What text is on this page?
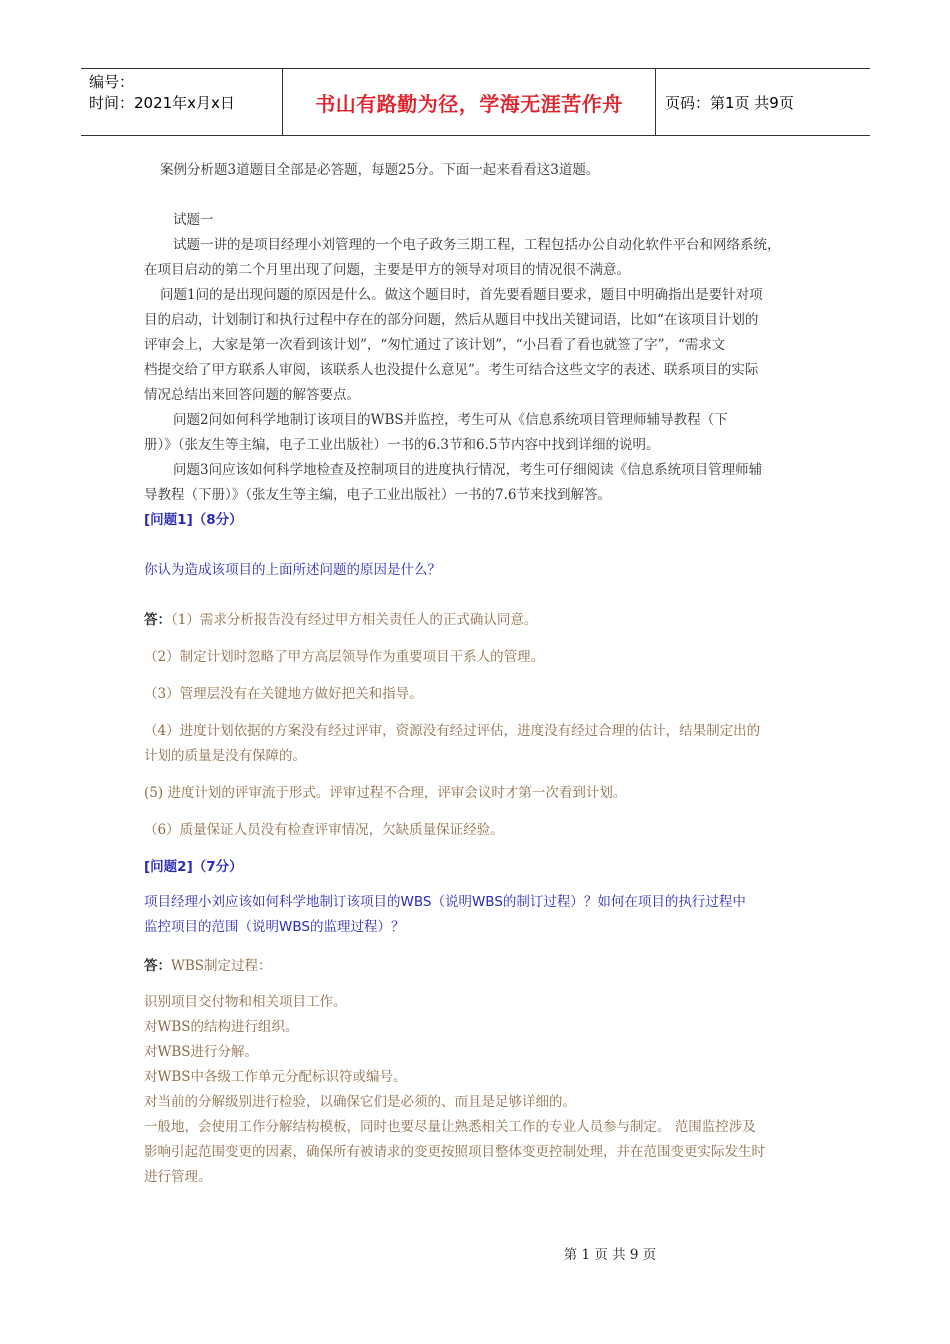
编号：
时间：2021年x月x日	书山有路勤为径，学海无涯苦作舟	页码：第1页 共9页
案例分析题3道题目全部是必答题，每题25分。下面一起来看看这3道题。
试题一
试题一讲的是项目经理小刘管理的一个电子政务三期工程，工程包括办公自动化软件平台和网络系统，
在项目启动的第二个月里出现了问题，主要是甲方的领导对项目的情况很不满意。
问题1问的是出现问题的原因是什么。做这个题目时，首先要看题目要求，题目中明确指出是要针对项
目的启动，计划制订和执行过程中存在的部分问题，然后从题目中找出关键词语，比如“在该项目计划的
评审会上，大家是第一次看到该计划”，“匆忙通过了该计划”，“小吕看了看也就签了字”，“需求文
档提交给了甲方联系人审阅，该联系人也没提什么意见”。考生可结合这些文字的表述、联系项目的实际
情况总结出来回答问题的解答要点。
问题2问如何科学地制订该项目的WBS并监控，考生可从《信息系统项目管理师辅导教程（下
册）》（张友生等主编，电子工业出版社）一书的6.3节和6.5节内容中找到详细的说明。
问题3问应该如何科学地检查及控制项目的进度执行情况，考生可仔细阅读《信息系统项目管理师辅
导教程（下册）》（张友生等主编，电子工业出版社）一书的7.6节来找到解答。
[问题1]（8分）
你认为造成该项目的上面所述问题的原因是什么？
答：（1）需求分析报告没有经过甲方相关责任人的正式确认同意。
（2）制定计划时忽略了甲方高层领导作为重要项目干系人的管理。
（3）管理层没有在关键地方做好把关和指导。
（4）进度计划依据的方案没有经过评审，资源没有经过评估，进度没有经过合理的估计，结果制定出的
计划的质量是没有保障的。
(5) 进度计划的评审流于形式。评审过程不合理，评审会议时才第一次看到计划。
（6）质量保证人员没有检查评审情况，欠缺质量保证经验。
[问题2]（7分）
项目经理小刘应该如何科学地制订该项目的WBS（说明WBS的制订过程）？如何在项目的执行过程中
监控项目的范围（说明WBS的监理过程）？
答：WBS制定过程：
识别项目交付物和相关项目工作。
对WBS的结构进行组织。
对WBS进行分解。
对WBS中各级工作单元分配标识符或编号。
对当前的分解级别进行检验，以确保它们是必须的、而且是足够详细的。
一般地，会使用工作分解结构模板，同时也要尽量让熟悉相关工作的专业人员参与制定。 范围监控涉及
影响引起范围变更的因素，确保所有被请求的变更按照项目整体变更控制处理，并在范围变更实际发生时
进行管理。
第 1 页 共 9 页
